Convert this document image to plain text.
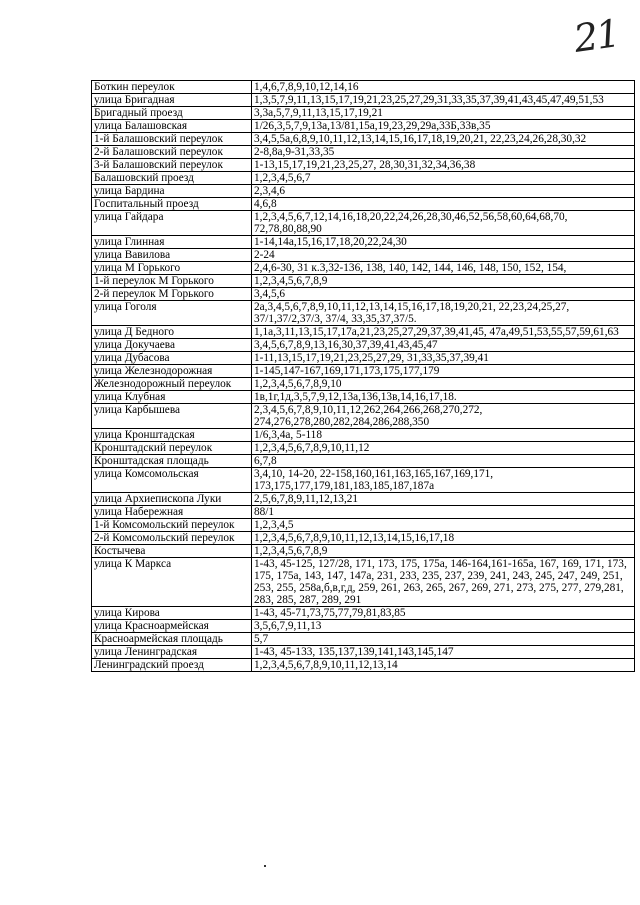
21
Боткин переулок	1,4,6,7,8,9,10,12,14,16
улица Бригадная	1,3,5,7,9,11,13,15,17,19,21,23,25,27,29,31,33,35,37,39,41,43,45,47,49,51,53
Бригадный проезд	3,3а,5,7,9,11,13,15,17,19,21
улица Балашовская	1/26,3,5,7,9,13а,13/81,15а,19,23,29,29а,33Б,33в,35
1-й Балашовский переулок	3,4,5,5а,6,8,9,10,11,12,13,14,15,16,17,18,19,20,21, 22,23,24,26,28,30,32
2-й Балашовский переулок	2-8,8а,9-31,33,35
3-й Балашовский переулок	1-13,15,17,19,21,23,25,27, 28,30,31,32,34,36,38
Балашовский проезд	1,2,3,4,5,6,7
улица Бардина	2,3,4,6
Госпитальный проезд	4,6,8
улица Гайдара	1,2,3,4,5,6,7,12,14,16,18,20,22,24,26,28,30,46,52,56,58,60,64,68,70, 72,78,80,88,90
улица Глинная	1-14,14а,15,16,17,18,20,22,24,30
улица Вавилова	2-24
улица М Горького	2,4,6-30, 31 к.3,32-136, 138, 140, 142, 144, 146, 148, 150, 152, 154,
1-й переулок М Горького	1,2,3,4,5,6,7,8,9
2-й переулок М Горького	3,4,5,6
улица Гоголя	2а,3,4,5,6,7,8,9,10,11,12,13,14,15,16,17,18,19,20,21, 22,23,24,25,27, 37/1,37/2,37/3, 37/4, 33,35,37,37/5.
улица Д Бедного	1,1а,3,11,13,15,17,17а,21,23,25,27,29,37,39,41,45, 47а,49,51,53,55,57,59,61,63
улица Докучаева	3,4,5,6,7,8,9,13,16,30,37,39,41,43,45,47
улица Дубасова	1-11,13,15,17,19,21,23,25,27,29, 31,33,35,37,39,41
улица Железнодорожная	1-145,147-167,169,171,173,175,177,179
Железнодорожный переулок	1,2,3,4,5,6,7,8,9,10
улица Клубная	1в,1г,1д,3,5,7,9,12,13а,136,13в,14,16,17,18.
улица Карбышева	2,3,4,5,6,7,8,9,10,11,12,262,264,266,268,270,272, 274,276,278,280,282,284,286,288,350
улица Кронштадская	1/6,3,4а, 5-118
Кронштадский переулок	1,2,3,4,5,6,7,8,9,10,11,12
Кронштадская площадь	6,7,8
улица Комсомольская	3,4,10, 14-20, 22-158,160,161,163,165,167,169,171, 173,175,177,179,181,183,185,187,187а
улица Архиепископа Луки	2,5,6,7,8,9,11,12,13,21
улица Набережная	88/1
1-й Комсомольский переулок	1,2,3,4,5
2-й Комсомольский переулок	1,2,3,4,5,6,7,8,9,10,11,12,13,14,15,16,17,18
Костычева	1,2,3,4,5,6,7,8,9
улица К Маркса	1-43, 45-125, 127/28, 171, 173, 175, 175а, 146-164,161-165а, 167, 169, 171, 173, 175, 175а, 143, 147, 147а, 231, 233, 235, 237, 239, 241, 243, 245, 247, 249, 251, 253, 255, 258а,б,в,г,д, 259, 261, 263, 265, 267, 269, 271, 273, 275, 277, 279,281, 283, 285, 287, 289, 291
улица Кирова	1-43, 45-71,73,75,77,79,81,83,85
улица Красноармейская	3,5,6,7,9,11,13
Красноармейская площадь	5,7
улица Ленинградская	1-43, 45-133, 135,137,139,141,143,145,147
Ленинградский проезд	1,2,3,4,5,6,7,8,9,10,11,12,13,14
